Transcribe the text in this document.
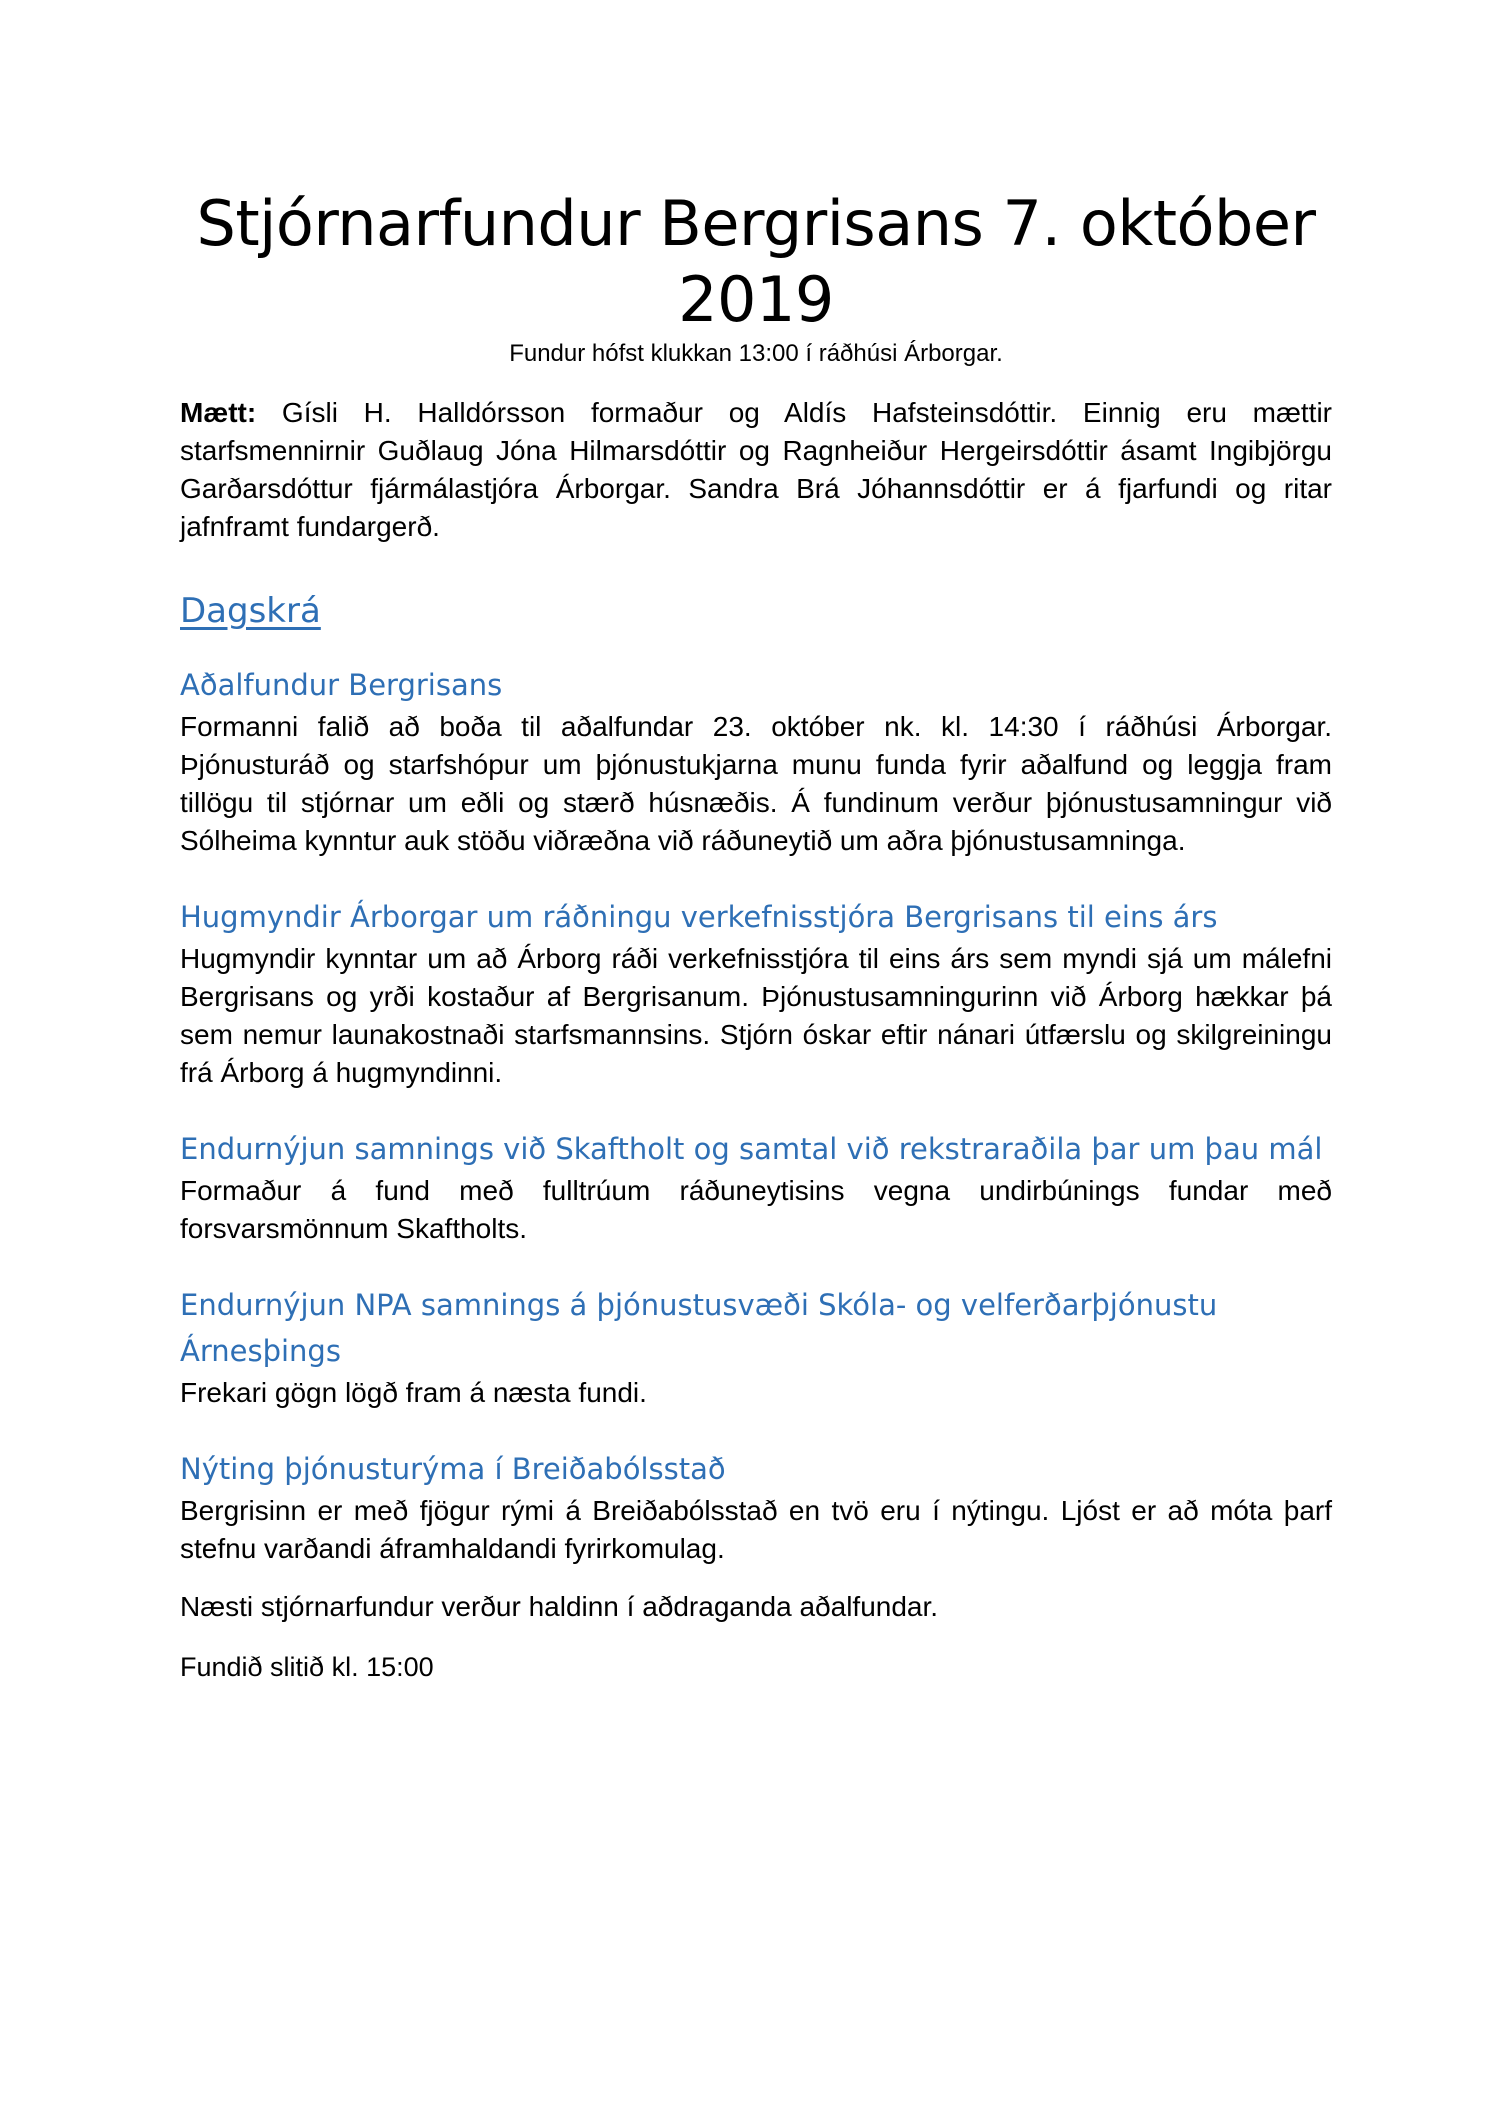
Stjórnarfundur Bergrisans 7. október 2019

Fundur hófst klukkan 13:00 í ráðhúsi Árborgar.

Mætt: Gísli H. Halldórsson formaður og Aldís Hafsteinsdóttir. Einnig eru mættir starfsmennirnir Guðlaug Jóna Hilmarsdóttir og Ragnheiður Hergeirsdóttir ásamt Ingibjörgu Garðarsdóttur fjármálastjóra Árborgar. Sandra Brá Jóhannsdóttir er á fjarfundi og ritar jafnframt fundargerð.

Dagskrá
Aðalfundur Bergrisans

Formanni falið að boða til aðalfundar 23. október nk. kl. 14:30 í ráðhúsi Árborgar. Þjónusturáð og starfshópur um þjónustukjarna munu funda fyrir aðalfund og leggja fram tillögu til stjórnar um eðli og stærð húsnæðis. Á fundinum verður þjónustusamningur við Sólheima kynntur auk stöðu viðræðna við ráðuneytið um aðra þjónustusamninga.

Hugmyndir Árborgar um ráðningu verkefnisstjóra Bergrisans til eins árs

Hugmyndir kynntar um að Árborg ráði verkefnisstjóra til eins árs sem myndi sjá um málefni Bergrisans og yrði kostaður af Bergrisanum. Þjónustusamningurinn við Árborg hækkar þá sem nemur launakostnaði starfsmannsins. Stjórn óskar eftir nánari útfærslu og skilgreiningu frá Árborg á hugmyndinni.

Endurnýjun samnings við Skaftholt og samtal við rekstraraðila þar um þau mál

Formaður á fund með fulltrúum ráðuneytisins vegna undirbúnings fundar með forsvarsmönnum Skaftholts.

Endurnýjun NPA samnings á þjónustusvæði Skóla- og velferðarþjónustu Árnesþings

Frekari gögn lögð fram á næsta fundi.

Nýting þjónusturýma í Breiðabólsstað

Bergrisinn er með fjögur rými á Breiðabólsstað en tvö eru í nýtingu. Ljóst er að móta þarf stefnu varðandi áframhaldandi fyrirkomulag.

Næsti stjórnarfundur verður haldinn í aðdraganda aðalfundar.

Fundið slitið kl. 15:00
